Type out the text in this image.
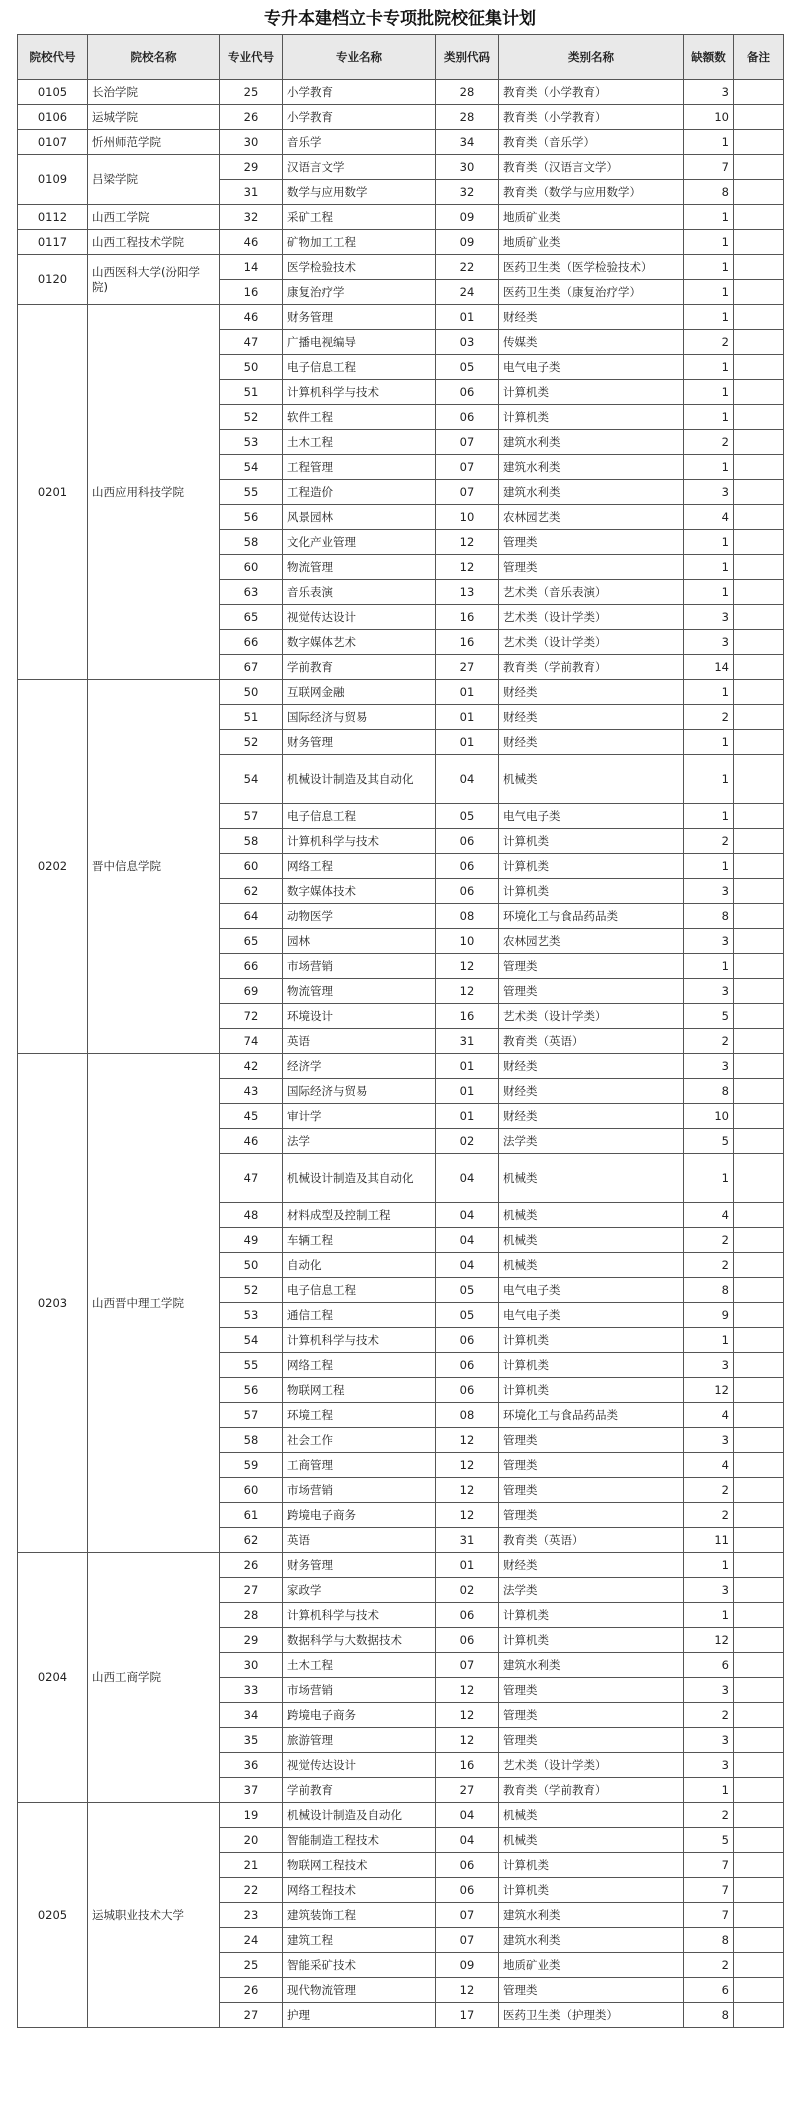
专升本建档立卡专项批院校征集计划
院校代号	院校名称	专业代号	专业名称	类别代码	类别名称	缺额数	备注
0105	长治学院	25	小学教育	28	教育类（小学教育）	3	
0106	运城学院	26	小学教育	28	教育类（小学教育）	10	
0107	忻州师范学院	30	音乐学	34	教育类（音乐学）	1	
0109	吕梁学院	29	汉语言文学	30	教育类（汉语言文学）	7	
		31	数学与应用数学	32	教育类（数学与应用数学）	8	
0112	山西工学院	32	采矿工程	09	地质矿业类	1	
0117	山西工程技术学院	46	矿物加工工程	09	地质矿业类	1	
0120	山西医科大学(汾阳学院)	14	医学检验技术	22	医药卫生类（医学检验技术）	1	
		16	康复治疗学	24	医药卫生类（康复治疗学）	1	
0201	山西应用科技学院	46	财务管理	01	财经类	1	
		47	广播电视编导	03	传媒类	2	
		50	电子信息工程	05	电气电子类	1	
		51	计算机科学与技术	06	计算机类	1	
		52	软件工程	06	计算机类	1	
		53	土木工程	07	建筑水利类	2	
		54	工程管理	07	建筑水利类	1	
		55	工程造价	07	建筑水利类	3	
		56	风景园林	10	农林园艺类	4	
		58	文化产业管理	12	管理类	1	
		60	物流管理	12	管理类	1	
		63	音乐表演	13	艺术类（音乐表演）	1	
		65	视觉传达设计	16	艺术类（设计学类）	3	
		66	数字媒体艺术	16	艺术类（设计学类）	3	
		67	学前教育	27	教育类（学前教育）	14	
0202	晋中信息学院	50	互联网金融	01	财经类	1	
		51	国际经济与贸易	01	财经类	2	
		52	财务管理	01	财经类	1	
		54	机械设计制造及其自动化	04	机械类	1	
		57	电子信息工程	05	电气电子类	1	
		58	计算机科学与技术	06	计算机类	2	
		60	网络工程	06	计算机类	1	
		62	数字媒体技术	06	计算机类	3	
		64	动物医学	08	环境化工与食品药品类	8	
		65	园林	10	农林园艺类	3	
		66	市场营销	12	管理类	1	
		69	物流管理	12	管理类	3	
		72	环境设计	16	艺术类（设计学类）	5	
		74	英语	31	教育类（英语）	2	
0203	山西晋中理工学院	42	经济学	01	财经类	3	
		43	国际经济与贸易	01	财经类	8	
		45	审计学	01	财经类	10	
		46	法学	02	法学类	5	
		47	机械设计制造及其自动化	04	机械类	1	
		48	材料成型及控制工程	04	机械类	4	
		49	车辆工程	04	机械类	2	
		50	自动化	04	机械类	2	
		52	电子信息工程	05	电气电子类	8	
		53	通信工程	05	电气电子类	9	
		54	计算机科学与技术	06	计算机类	1	
		55	网络工程	06	计算机类	3	
		56	物联网工程	06	计算机类	12	
		57	环境工程	08	环境化工与食品药品类	4	
		58	社会工作	12	管理类	3	
		59	工商管理	12	管理类	4	
		60	市场营销	12	管理类	2	
		61	跨境电子商务	12	管理类	2	
		62	英语	31	教育类（英语）	11	
0204	山西工商学院	26	财务管理	01	财经类	1	
		27	家政学	02	法学类	3	
		28	计算机科学与技术	06	计算机类	1	
		29	数据科学与大数据技术	06	计算机类	12	
		30	土木工程	07	建筑水利类	6	
		33	市场营销	12	管理类	3	
		34	跨境电子商务	12	管理类	2	
		35	旅游管理	12	管理类	3	
		36	视觉传达设计	16	艺术类（设计学类）	3	
		37	学前教育	27	教育类（学前教育）	1	
0205	运城职业技术大学	19	机械设计制造及自动化	04	机械类	2	
		20	智能制造工程技术	04	机械类	5	
		21	物联网工程技术	06	计算机类	7	
		22	网络工程技术	06	计算机类	7	
		23	建筑装饰工程	07	建筑水利类	7	
		24	建筑工程	07	建筑水利类	8	
		25	智能采矿技术	09	地质矿业类	2	
		26	现代物流管理	12	管理类	6	
		27	护理	17	医药卫生类（护理类）	8	
